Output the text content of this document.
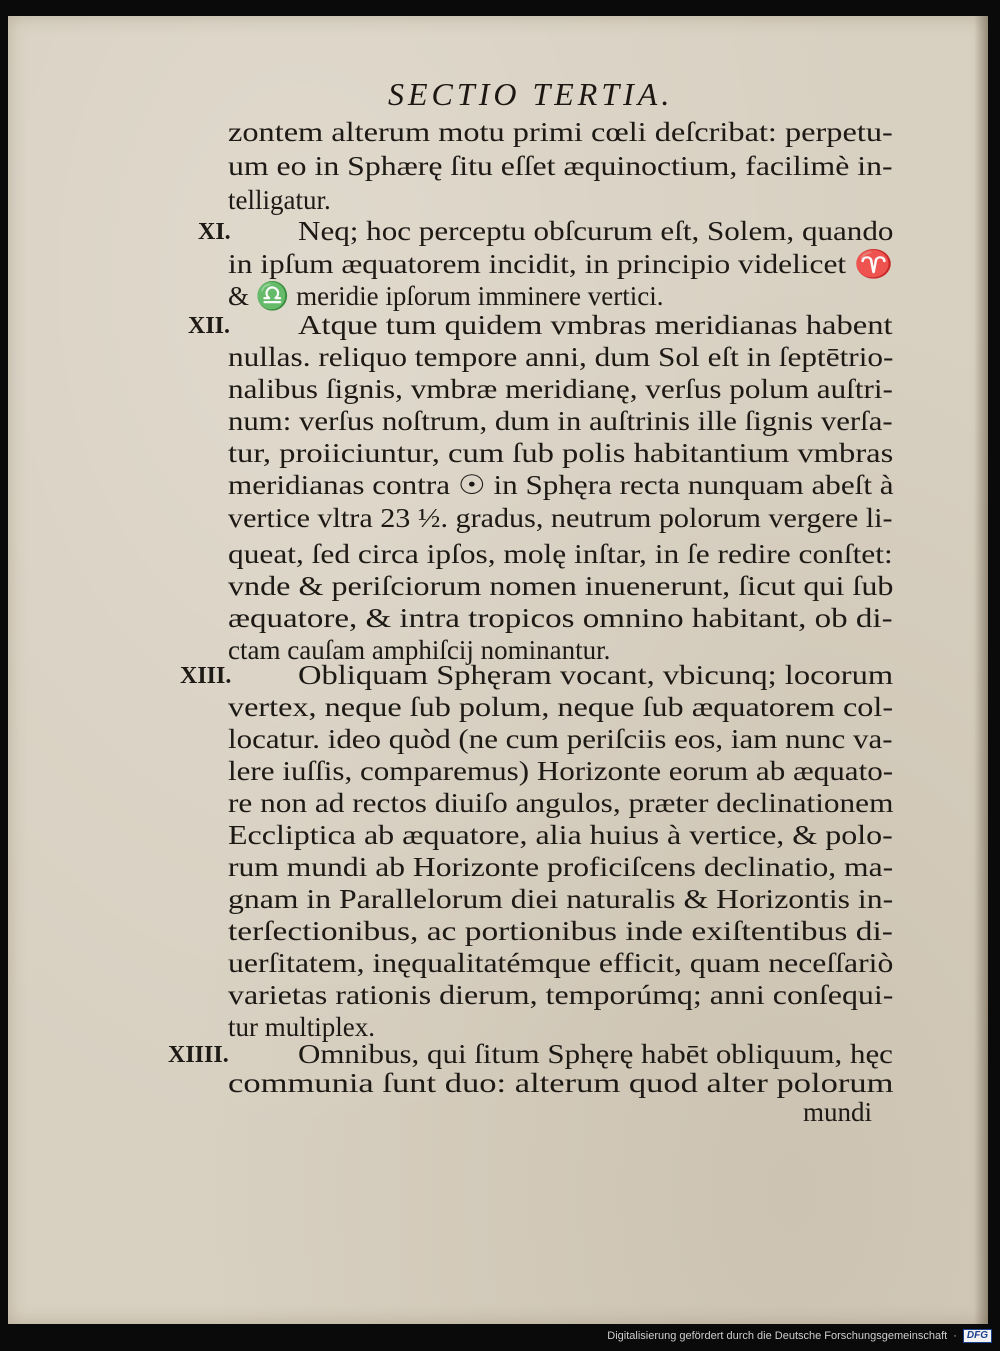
SECTIO TERTIA.
zontem alterum motu primi cœli deſcribat: perpetu-
um eo in Sphærę ſitu eſſet æquinoctium, facilimè in-
telligatur.
XI. Neq; hoc perceptu obſcurum eſt, Solem, quando
in ipſum æquatorem incidit, in principio videlicet ♈
& ♎ meridie ipſorum imminere vertici.
XII.	Atque tum quidem vmbras meridianas habent
nullas. reliquo tempore anni, dum Sol eſt in ſeptētrio-
nalibus ſignis, vmbræ meridianę, verſus polum auſtri-
num: verſus noſtrum, dum in auſtrinis ille ſignis verſa-
tur, proiiciuntur, cum ſub polis habitantium vmbras
meridianas contra ☉ in Sphęra recta nunquam abeſt à
vertice vltra 23 ½. gradus, neutrum polorum vergere li-
queat, ſed circa ipſos, molę inſtar, in ſe redire conſtet:
vnde & periſciorum nomen inuenerunt, ſicut qui ſub
æquatore, & intra tropicos omnino habitant, ob di-
ctam cauſam amphiſcij nominantur.
XIII. Obliquam Sphęram vocant, vbicunq; locorum
vertex, neque ſub polum, neque ſub æquatorem col-
locatur. ideo quòd (ne cum periſciis eos, iam nunc va-
lere iuſſis, comparemus) Horizonte eorum ab æquato-
re non ad rectos diuiſo angulos, præter declinationem
Eccliptica ab æquatore, alia huius à vertice, & polo-
rum mundi ab Horizonte proficiſcens declinatio, ma-
gnam in Parallelorum diei naturalis & Horizontis in-
terſectionibus, ac portionibus inde exiſtentibus di-
uerſitatem, inęqualitatémque efficit, quam neceſſariò
varietas rationis dierum, temporúmq; anni conſequi-
tur multiplex.
XIIII.	Omnibus, qui ſitum Sphęrę habēt obliquum, hęc
communia ſunt duo: alterum quod alter polorum
mundi
Digitalisierung gefördert durch die Deutsche Forschungsgemeinschaft ·	DFG
